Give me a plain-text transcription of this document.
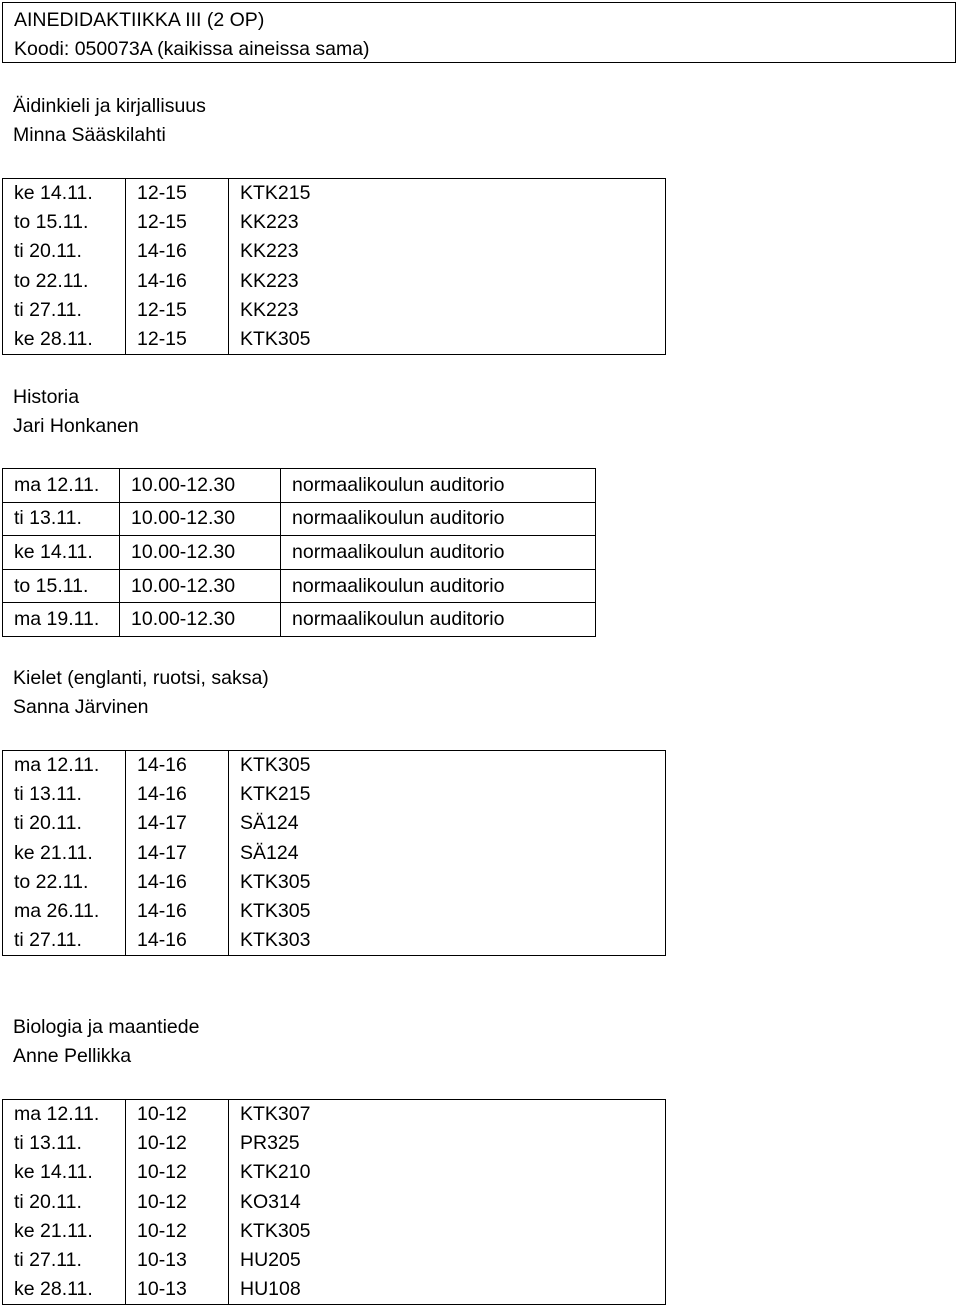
AINEDIDAKTIIKKA III (2 OP)
Koodi: 050073A (kaikissa aineissa sama)
Äidinkieli ja kirjallisuus
Minna Sääskilahti
ke 14.11.	12-15	KTK215
to 15.11.	12-15	KK223
ti 20.11.	14-16	KK223
to 22.11.	14-16	KK223
ti 27.11.	12-15	KK223
ke 28.11.	12-15	KTK305
Historia
Jari Honkanen
ma 12.11.	10.00-12.30	normaalikoulun auditorio
ti 13.11.	10.00-12.30	normaalikoulun auditorio
ke 14.11.	10.00-12.30	normaalikoulun auditorio
to 15.11.	10.00-12.30	normaalikoulun auditorio
ma 19.11.	10.00-12.30	normaalikoulun auditorio
Kielet (englanti, ruotsi, saksa)
Sanna Järvinen
ma 12.11.	14-16	KTK305
ti 13.11.	14-16	KTK215
ti 20.11.	14-17	SÄ124
ke 21.11.	14-17	SÄ124
to 22.11.	14-16	KTK305
ma 26.11.	14-16	KTK305
ti 27.11.	14-16	KTK303
Biologia ja maantiede
Anne Pellikka
ma 12.11.	10-12	KTK307
ti 13.11.	10-12	PR325
ke 14.11.	10-12	KTK210
ti 20.11.	10-12	KO314
ke 21.11.	10-12	KTK305
ti 27.11.	10-13	HU205
ke 28.11.	10-13	HU108
